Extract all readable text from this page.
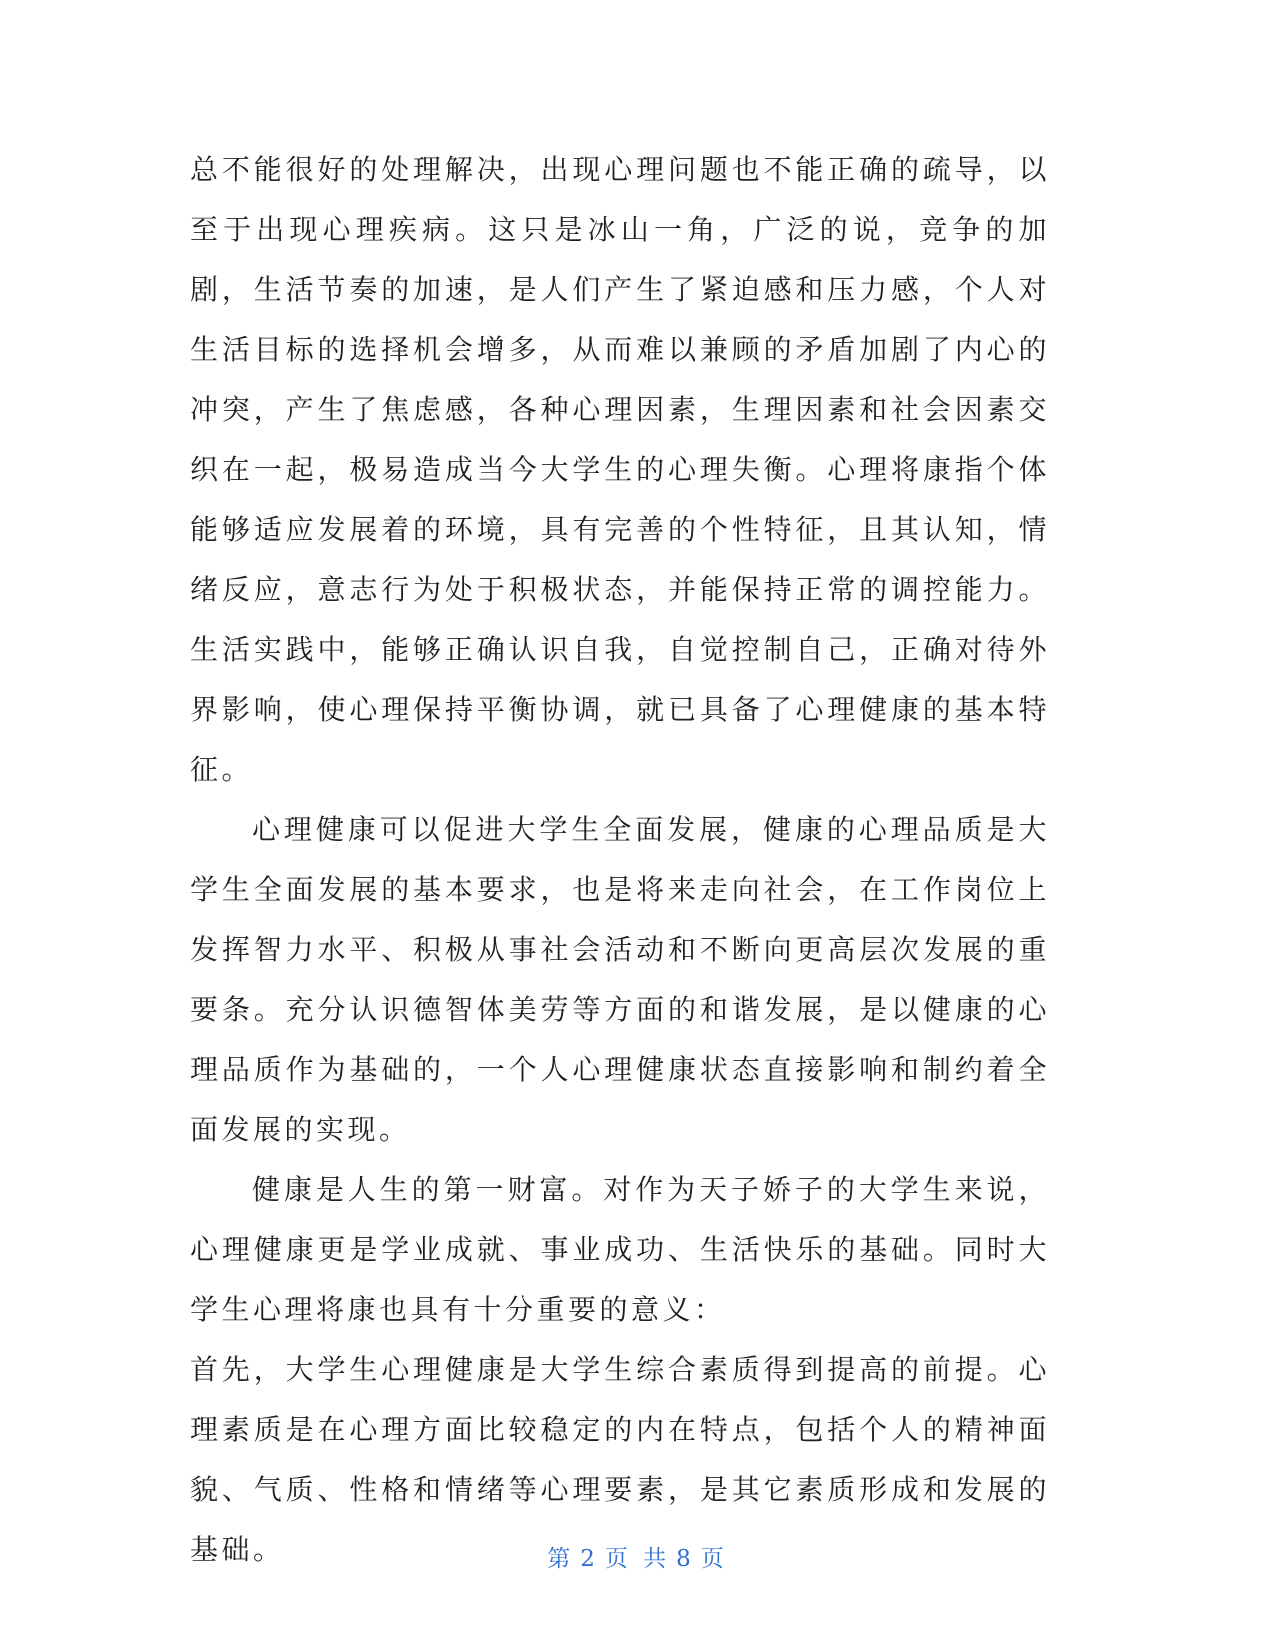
总不能很好的处理解决，出现心理问题也不能正确的疏导，以至于出现心理疾病。这只是冰山一角，广泛的说，竞争的加剧，生活节奏的加速，是人们产生了紧迫感和压力感，个人对生活目标的选择机会增多，从而难以兼顾的矛盾加剧了内心的冲突，产生了焦虑感，各种心理因素，生理因素和社会因素交织在一起，极易造成当今大学生的心理失衡。心理将康指个体能够适应发展着的环境，具有完善的个性特征，且其认知，情绪反应，意志行为处于积极状态，并能保持正常的调控能力。生活实践中，能够正确认识自我，自觉控制自己，正确对待外界影响，使心理保持平衡协调，就已具备了心理健康的基本特征。

心理健康可以促进大学生全面发展，健康的心理品质是大学生全面发展的基本要求，也是将来走向社会，在工作岗位上发挥智力水平、积极从事社会活动和不断向更高层次发展的重要条。充分认识德智体美劳等方面的和谐发展，是以健康的心理品质作为基础的，一个人心理健康状态直接影响和制约着全面发展的实现。

健康是人生的第一财富。对作为天子娇子的大学生来说，心理健康更是学业成就、事业成功、生活快乐的基础。同时大学生心理将康也具有十分重要的意义：

首先，大学生心理健康是大学生综合素质得到提高的前提。心理素质是在心理方面比较稳定的内在特点，包括个人的精神面貌、气质、性格和情绪等心理要素，是其它素质形成和发展的基础。	第 2 页 共 8 页
